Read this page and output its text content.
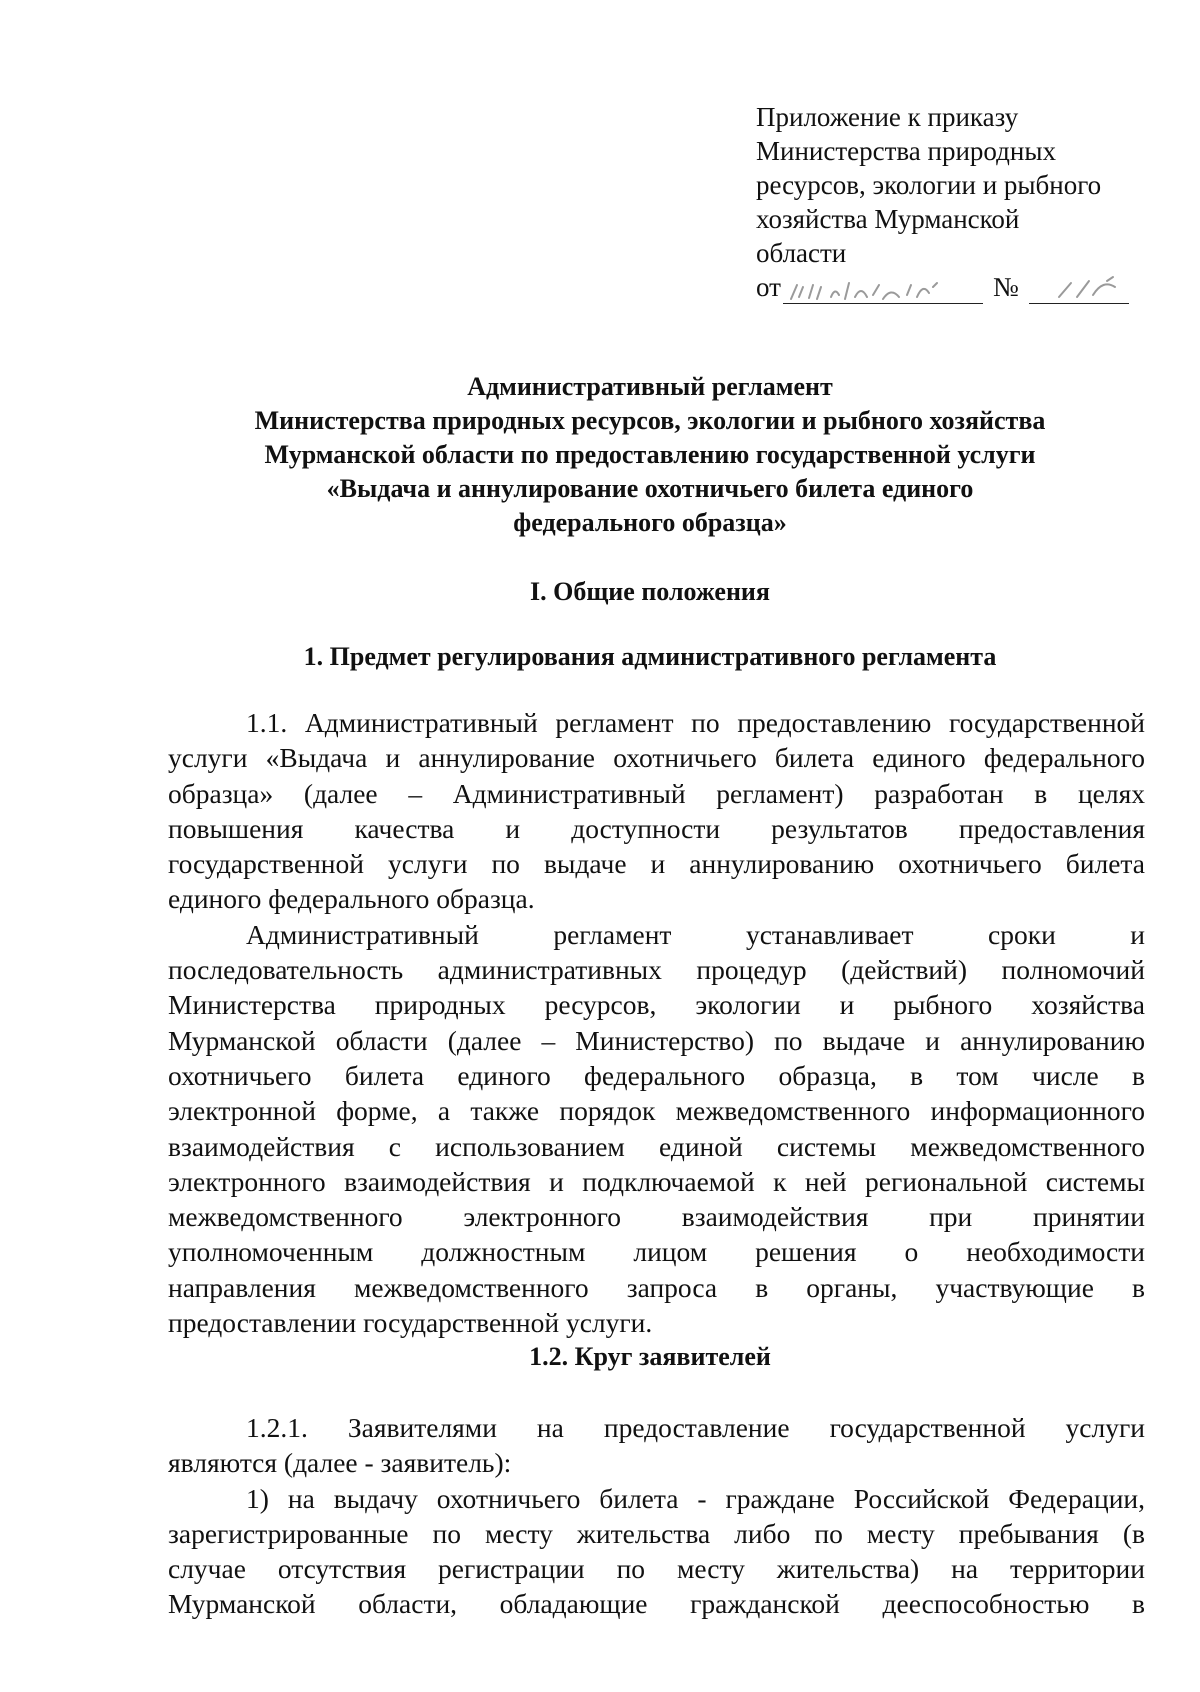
Приложение к приказу
Министерства природных
ресурсов, экологии и рыбного
хозяйства Мурманской
области
от	№
Административный регламент
Министерства природных ресурсов, экологии и рыбного хозяйства
Мурманской области по предоставлению государственной услуги
«Выдача и аннулирование охотничьего билета единого
федерального образца»
I. Общие положения
1. Предмет регулирования административного регламента
1.1. Административный регламент по предоставлению государственной
услуги «Выдача и аннулирование охотничьего билета единого федерального
образца» (далее – Административный регламент) разработан в целях
повышения качества и доступности результатов предоставления
государственной услуги по выдаче и аннулированию охотничьего билета
единого федерального образца.
Административный регламент устанавливает сроки и
последовательность административных процедур (действий) полномочий
Министерства природных ресурсов, экологии и рыбного хозяйства
Мурманской области (далее – Министерство) по выдаче и аннулированию
охотничьего билета единого федерального образца, в том числе в
электронной форме, а также порядок межведомственного информационного
взаимодействия с использованием единой системы межведомственного
электронного взаимодействия и подключаемой к ней региональной системы
межведомственного электронного взаимодействия при принятии
уполномоченным должностным лицом решения о необходимости
направления межведомственного запроса в органы, участвующие в
предоставлении государственной услуги.
1.2. Круг заявителей
1.2.1. Заявителями на предоставление государственной услуги
являются (далее - заявитель):
1) на выдачу охотничьего билета - граждане Российской Федерации,
зарегистрированные по месту жительства либо по месту пребывания (в
случае отсутствия регистрации по месту жительства) на территории
Мурманской области, обладающие гражданской дееспособностью в
